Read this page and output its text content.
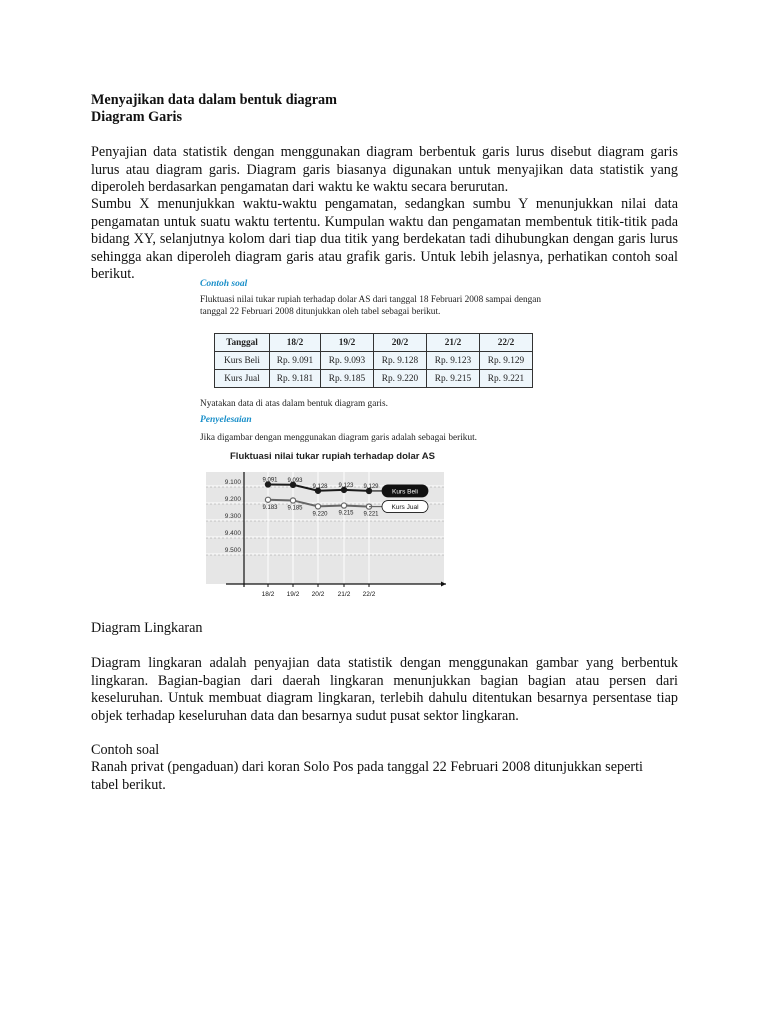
Menyajikan data dalam bentuk diagram

Diagram Garis

Penyajian data statistik dengan menggunakan diagram berbentuk garis lurus disebut diagram garis lurus atau diagram garis. Diagram garis biasanya digunakan untuk menyajikan data statistik yang diperoleh berdasarkan pengamatan dari waktu ke waktu secara berurutan.

Sumbu X menunjukkan waktu-waktu pengamatan, sedangkan sumbu Y menunjukkan nilai data pengamatan untuk suatu waktu tertentu. Kumpulan waktu dan pengamatan membentuk titik-titik pada bidang XY, selanjutnya kolom dari tiap dua titik yang berdekatan tadi dihubungkan dengan garis lurus sehingga akan diperoleh diagram garis atau grafik garis. Untuk lebih jelasnya, perhatikan contoh soal berikut.

Contoh soal
Fluktuasi nilai tukar rupiah terhadap dolar AS dari tanggal 18 Februari 2008 sampai dengan tanggal 22 Februari 2008 ditunjukkan oleh tabel sebagai berikut.
Tanggal	18/2	19/2	20/2	21/2	22/2
Kurs Beli	Rp. 9.091	Rp. 9.093	Rp. 9.128	Rp. 9.123	Rp. 9.129
Kurs Jual	Rp. 9.181	Rp. 9.185	Rp. 9.220	Rp. 9.215	Rp. 9.221
Nyatakan data di atas dalam bentuk diagram garis.
Penyelesaian
Jika digambar dengan menggunakan diagram garis adalah sebagai berikut.
Fluktuasi nilai tukar rupiah terhadap dolar AS
9.100
9.200
9.300
9.400
9.500
18/2 19/2 20/2 21/2 22/2
9.091 9.093
9.128 9.123 9.129
Kurs Beli
9.183 9.185
9.220 9.215 9.221
Kurs Jual

Diagram Lingkaran

Diagram lingkaran adalah penyajian data statistik dengan menggunakan gambar yang berbentuk lingkaran. Bagian-bagian dari daerah lingkaran menunjukkan bagian bagian atau persen dari keseluruhan. Untuk membuat diagram lingkaran, terlebih dahulu ditentukan besarnya persentase tiap objek terhadap keseluruhan data dan besarnya sudut pusat sektor lingkaran.

Contoh soal

Ranah privat (pengaduan) dari koran Solo Pos pada tanggal 22 Februari 2008 ditunjukkan seperti tabel berikut.
